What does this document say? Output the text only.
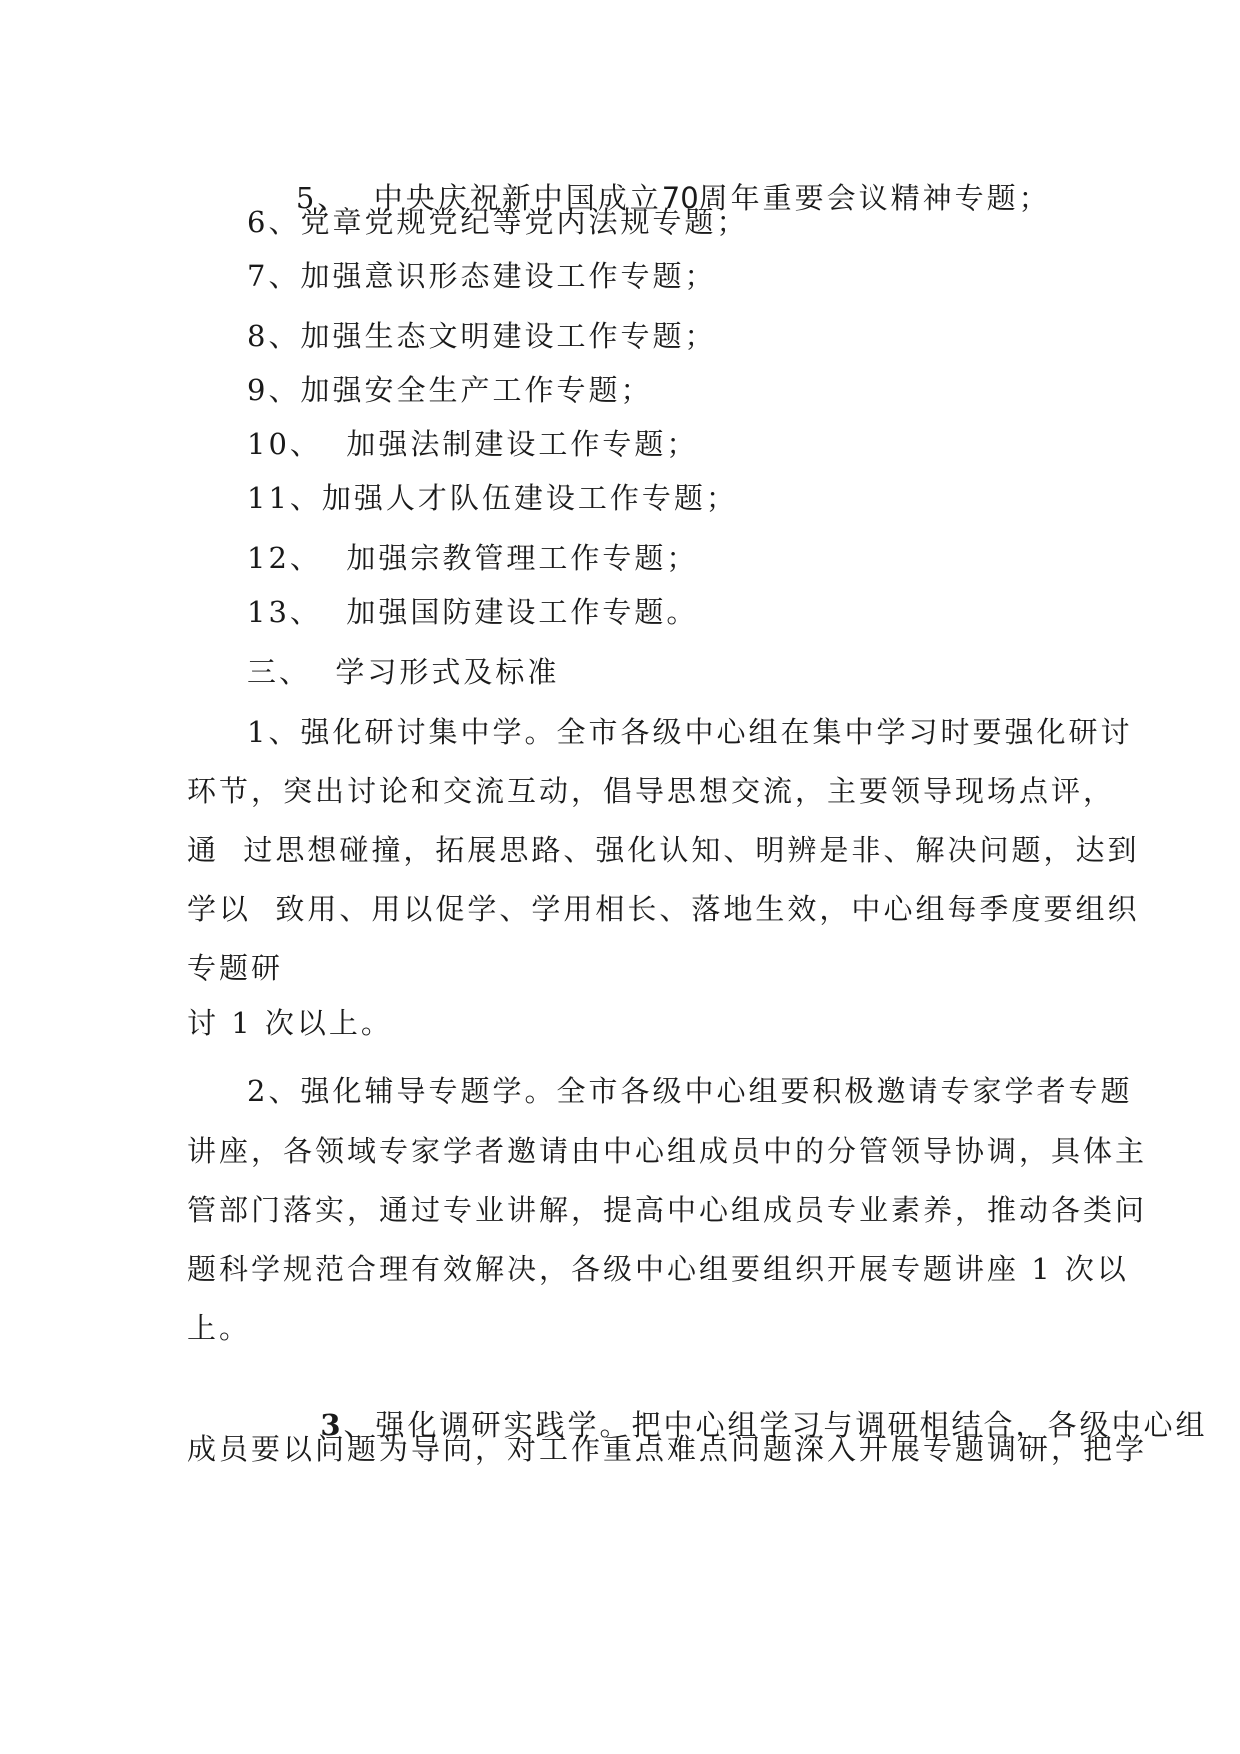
5、  中央庆祝新中国成立70周年重要会议精神专题；

6、党章党规党纪等党内法规专题；
7、加强意识形态建设工作专题；
8、加强生态文明建设工作专题；
9、加强安全生产工作专题；
10、  加强法制建设工作专题；
11、加强人才队伍建设工作专题；
12、  加强宗教管理工作专题；
13、  加强国防建设工作专题。
三、  学习形式及标准
1、强化研讨集中学。全市各级中心组在集中学习时要强化研讨
环节，突出讨论和交流互动，倡导思想交流，主要领导现场点评，
通  过思想碰撞，拓展思路、强化认知、明辨是非、解决问题，达到
学以  致用、用以促学、学用相长、落地生效，中心组每季度要组织
专题研
讨 1 次以上。
2、强化辅导专题学。全市各级中心组要积极邀请专家学者专题
讲座，各领域专家学者邀请由中心组成员中的分管领导协调，具体主
管部门落实，通过专业讲解，提高中心组成员专业素养，推动各类问
题科学规范合理有效解决，各级中心组要组织开展专题讲座 1 次以
上。

3、强化调研实践学。把中心组学习与调研相结合，各级中心组

成员要以问题为导向，对工作重点难点问题深入开展专题调研，把学
